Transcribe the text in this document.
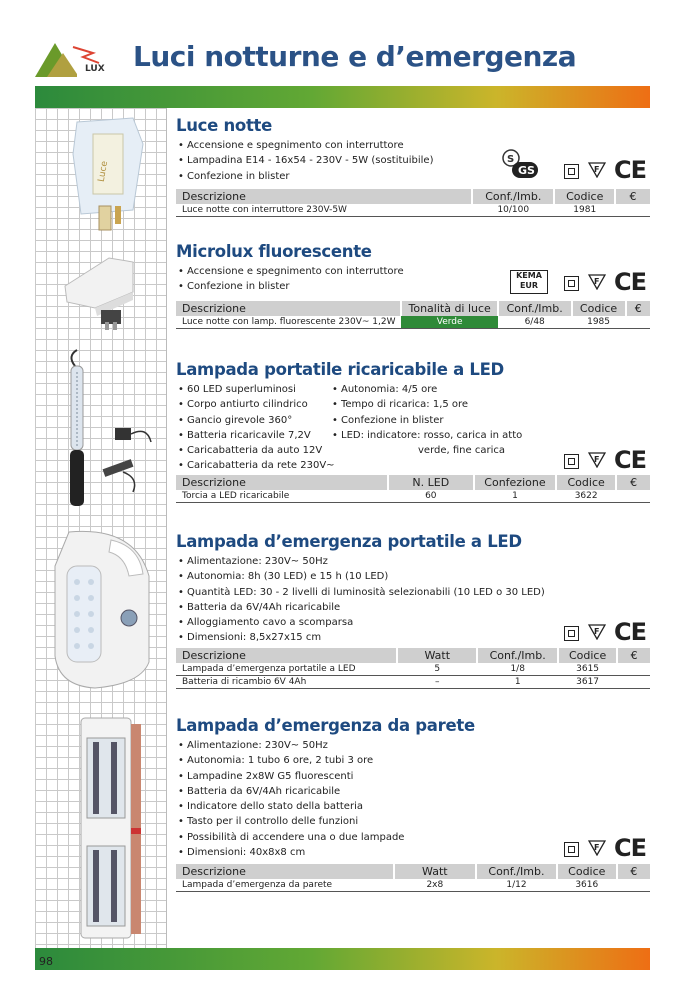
LUX Luci notturne e d’emergenza
Luce
Luce notte
• Accensione e spegnimento con interruttore
• Lampadina E14 - 16x54 - 230V - 5W (sostituibile)
• Confezione in blister
S
GS	F CE
Descrizione	Conf./Imb.	Codice	€
Luce notte con interruttore 230V-5W	10/100	1981	
Microlux fluorescente
• Accensione e spegnimento con interruttore
• Confezione in blister
KEMA
EUR	F CE
Descrizione	Tonalità di luce	Conf./Imb.	Codice	€
Luce notte con lamp. fluorescente 230V~ 1,2W	Verde	6/48	1985	
Lampada portatile ricaricabile a LED
• 60 LED superluminosi
• Corpo antiurto cilindrico
• Gancio girevole 360°
• Batteria ricaricavile 7,2V
• Caricabatteria da auto 12V
• Caricabatteria da rete 230V~
• Autonomia: 4/5 ore
• Tempo di ricarica: 1,5 ore
• Confezione in blister
• LED: indicatore: rosso, carica in atto
verde, fine carica
F CE
Descrizione	N. LED	Confezione	Codice	€
Torcia a LED ricaricabile	60	1	3622	
Lampada d’emergenza portatile a LED
• Alimentazione: 230V~ 50Hz
• Autonomia: 8h (30 LED) e 15 h (10 LED)
• Quantità LED: 30 - 2 livelli di luminosità selezionabili (10 LED o 30 LED)
• Batteria da 6V/4Ah ricaricabile
• Alloggiamento cavo a scomparsa
• Dimensioni: 8,5x27x15 cm
F CE
Descrizione	Watt	Conf./Imb.	Codice	€
Lampada d’emergenza portatile a LED	5	1/8	3615	
Batteria di ricambio 6V 4Ah	–	1	3617	
Lampada d’emergenza da parete
• Alimentazione: 230V~ 50Hz
• Autonomia: 1 tubo 6 ore, 2 tubi 3 ore
• Lampadine 2x8W G5 fluorescenti
• Batteria da 6V/4Ah ricaricabile
• Indicatore dello stato della batteria
• Tasto per il controllo delle funzioni
• Possibilità di accendere una o due lampade
• Dimensioni: 40x8x8 cm	F CE
Descrizione	Watt	Conf./Imb.	Codice	€
Lampada d’emergenza da parete	2x8	1/12	3616	
98
